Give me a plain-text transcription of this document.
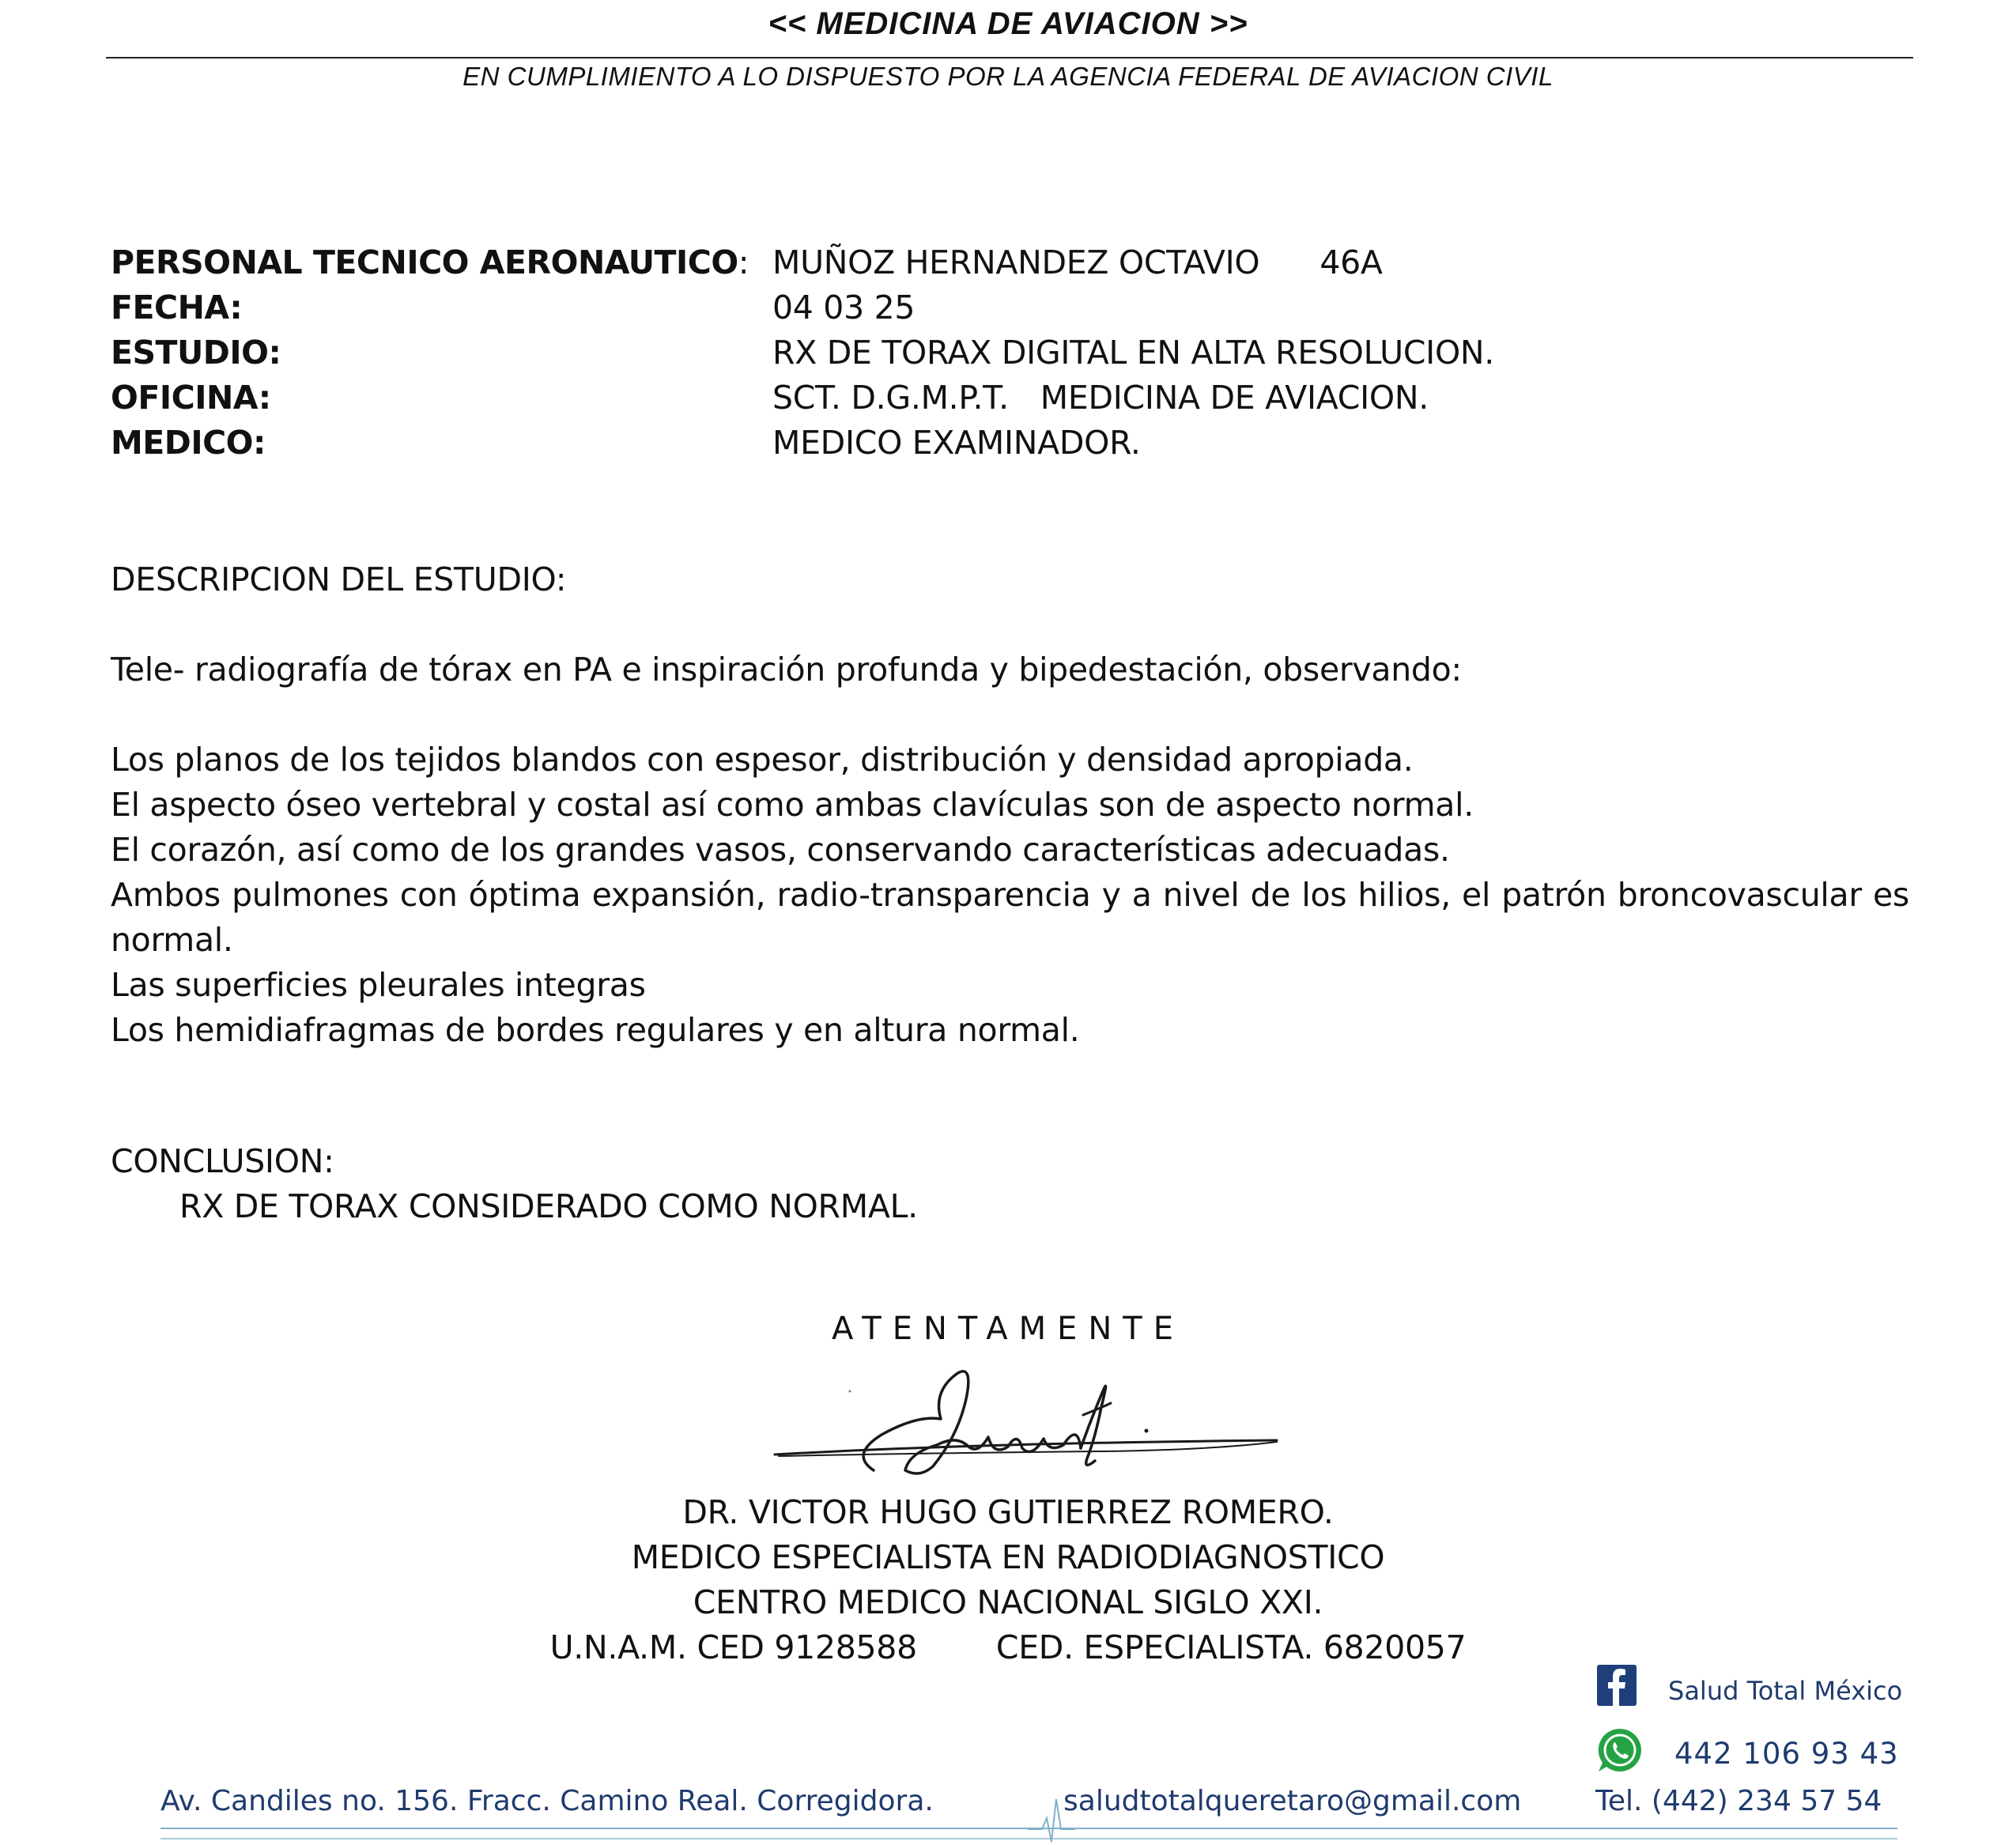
<< MEDICINA DE AVIACION >>
EN CUMPLIMIENTO A LO DISPUESTO POR LA AGENCIA FEDERAL DE AVIACION CIVIL
PERSONAL TECNICO AERONAUTICO: MUÑOZ HERNANDEZ OCTAVIO 46A
FECHA:	04 03 25
ESTUDIO:	RX DE TORAX DIGITAL EN ALTA RESOLUCION.
OFICINA:	SCT. D.G.M.P.T. MEDICINA DE AVIACION.
MEDICO:	MEDICO EXAMINADOR.
DESCRIPCION DEL ESTUDIO:
Tele- radiografía de tórax en PA e inspiración profunda y bipedestación, observando:

Los planos de los tejidos blandos con espesor, distribución y densidad apropiada.

El aspecto óseo vertebral y costal así como ambas clavículas son de aspecto normal.

El corazón, así como de los grandes vasos, conservando características adecuadas.

Ambos pulmones con óptima expansión, radio-transparencia y a nivel de los hilios, el patrón broncovascular es normal.

Las superficies pleurales integras

Los hemidiafragmas de bordes regulares y en altura normal.

CONCLUSION:
RX DE TORAX CONSIDERADO COMO NORMAL.
ATENTAMENTE
DR. VICTOR HUGO GUTIERREZ ROMERO.
MEDICO ESPECIALISTA EN RADIODIAGNOSTICO
CENTRO MEDICO NACIONAL SIGLO XXI.
U.N.A.M. CED 9128588 CED. ESPECIALISTA. 6820057
Salud Total México
442 106 93 43
Av. Candiles no. 156. Fracc. Camino Real. Corregidora.	saludtotalqueretaro@gmail.com	Tel. (442) 234 57 54
